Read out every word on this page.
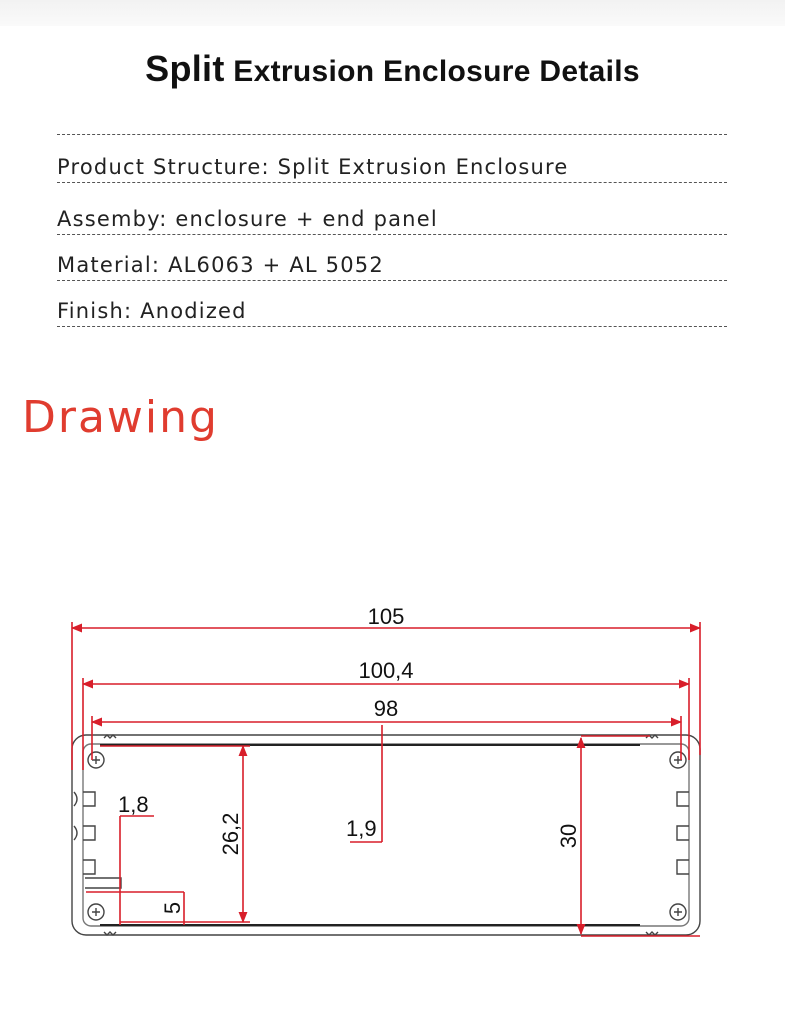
Split Extrusion Enclosure Details
Product Structure: Split Extrusion Enclosure
Assemby: enclosure + end panel
Material: AL6063 + AL 5052
Finish: Anodized
Drawing
105
100,4
98
1,8
1,9
26,2	30
5
